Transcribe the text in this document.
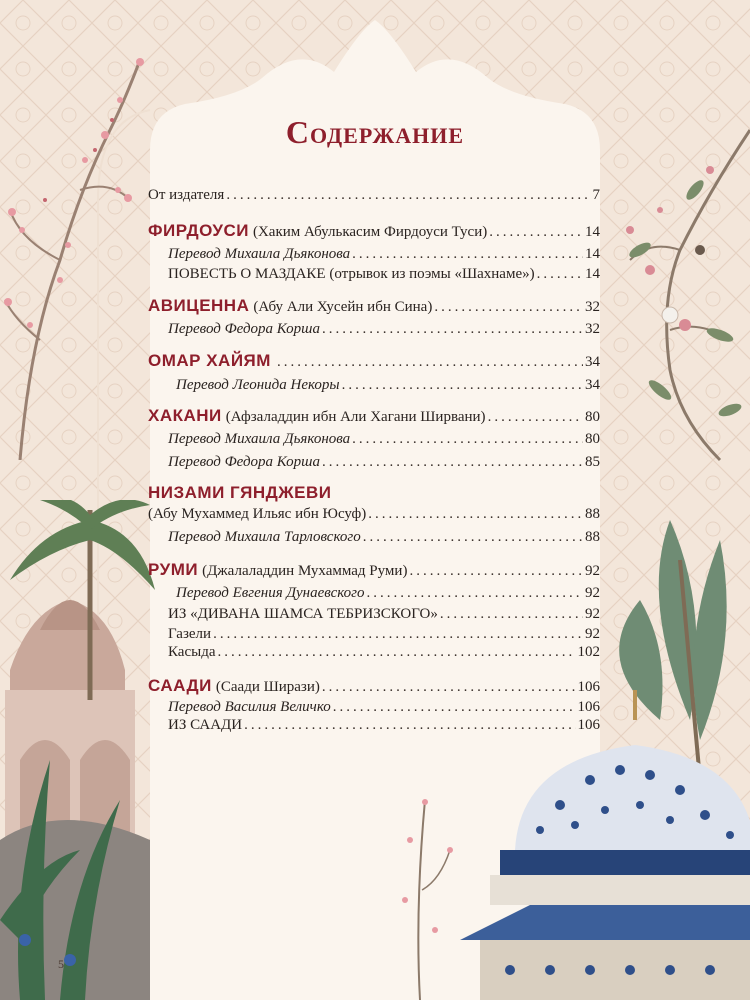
Содержание
От издателя .....	7
ФИРДОУСИ (Хаким Абулькасим Фирдоуси Туси) .....	14
Перевод Михаила Дьяконова .....	14
ПОВЕСТЬ О МАЗДАКЕ (отрывок из поэмы «Шахнаме») .....	14
АВИЦЕННА (Абу Али Хусейн ибн Сина) .....	32
Перевод Федора Корша .....	32
ОМАР ХАЙЯМ .....	34
Перевод Леонида Некоры .....	34
ХАКАНИ (Афзаладдин ибн Али Хагани Ширвани) .....	80
Перевод Михаила Дьяконова .....	80
Перевод Федора Корша .....	85
НИЗАМИ ГЯНДЖЕВИ
(Абу Мухаммед Ильяс ибн Юсуф) .....	88
Перевод Михаила Тарловского .....	88
РУМИ (Джалаладдин Мухаммад Руми) .....	92
Перевод Евгения Дунаевского .....	92
ИЗ «ДИВАНА ШАМСА ТЕБРИЗСКОГО» .....	92
Газели .....	92
Касыда .....	102
СААДИ (Саади Ширази) .....	106
Перевод Василия Величко .....	106
ИЗ СААДИ .....	106
5
